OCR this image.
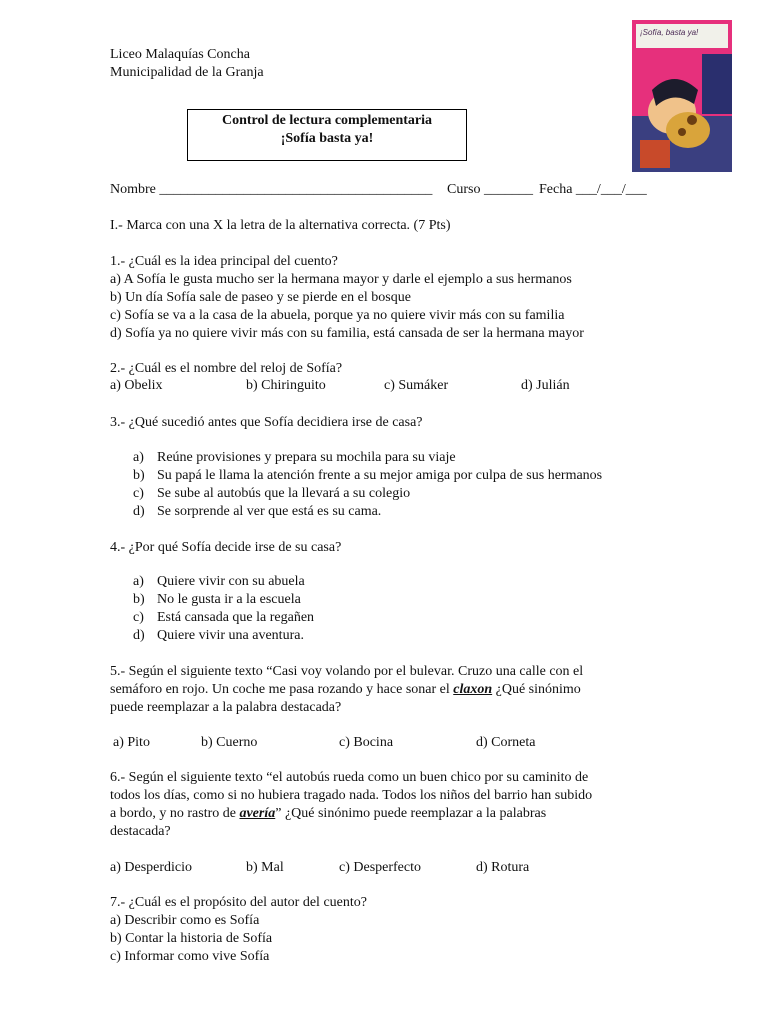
Liceo Malaquías Concha
Municipalidad de la Granja
¡Sofía, basta ya!
Control de lectura complementaria
¡Sofía basta ya!
Nombre _______________________________________ Curso _______ Fecha ___/___/___
I.- Marca con una X la letra de la alternativa correcta. (7 Pts)
1.- ¿Cuál es la idea principal del cuento?
a) A Sofía le gusta mucho ser la hermana mayor y darle el ejemplo a sus hermanos
b) Un día Sofía sale de paseo y se pierde en el bosque
c) Sofía se va a la casa de la abuela, porque ya no quiere vivir más con su familia
d) Sofía ya no quiere vivir más con su familia, está cansada de ser la hermana mayor
2.- ¿Cuál es el nombre del reloj de Sofía?
a) Obelix	b) Chiringuito	c) Sumáker	d) Julián
3.- ¿Qué sucedió antes que Sofía decidiera irse de casa?
a) Reúne provisiones y prepara su mochila para su viaje
b) Su papá le llama la atención frente a su mejor amiga por culpa de sus hermanos
c) Se sube al autobús que la llevará a su colegio
d) Se sorprende al ver que está es su cama.
4.- ¿Por qué Sofía decide irse de su casa?
a) Quiere vivir con su abuela
b) No le gusta ir a la escuela
c) Está cansada que la regañen
d) Quiere vivir una aventura.
5.- Según el siguiente texto “Casi voy volando por el bulevar. Cruzo una calle con el
semáforo en rojo. Un coche me pasa rozando y hace sonar el claxon ¿Qué sinónimo
puede reemplazar a la palabra destacada?
a) Pito	b) Cuerno	c) Bocina	d) Corneta
6.- Según el siguiente texto “el autobús rueda como un buen chico por su caminito de
todos los días, como si no hubiera tragado nada. Todos los niños del barrio han subido
a bordo, y no rastro de avería” ¿Qué sinónimo puede reemplazar a la palabras
destacada?
a) Desperdicio	b) Mal	c) Desperfecto	d) Rotura
7.- ¿Cuál es el propósito del autor del cuento?
a) Describir como es Sofía
b) Contar la historia de Sofía
c) Informar como vive Sofía
